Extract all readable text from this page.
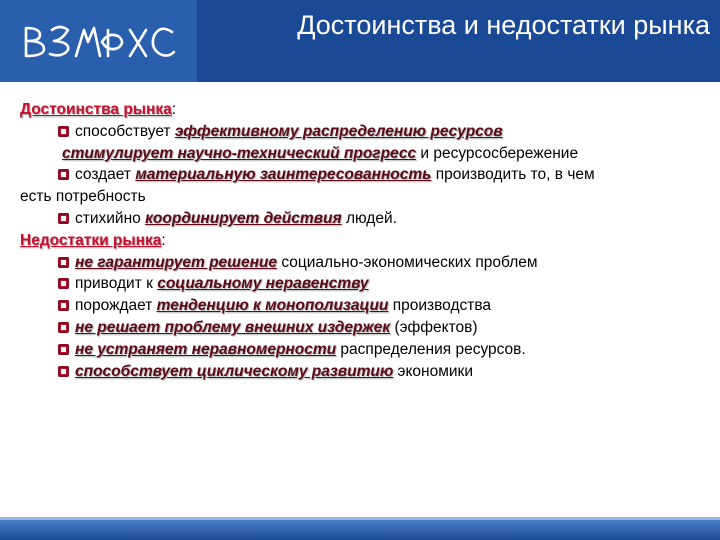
Достоинства и недостатки рынка
Достоинства рынка:
способствует эффективному распределению ресурсов
стимулирует научно-технический прогресс и ресурсосбережение
создает материальную заинтересованность производить то, в чем
есть потребность
стихийно координирует действия людей.
Недостатки рынка:
не гарантирует решение социально-экономических проблем
приводит к социальному неравенству
порождает тенденцию к монополизации производства
не решает проблему внешних издержек (эффектов)
не устраняет неравномерности распределения ресурсов.
способствует циклическому развитию экономики
